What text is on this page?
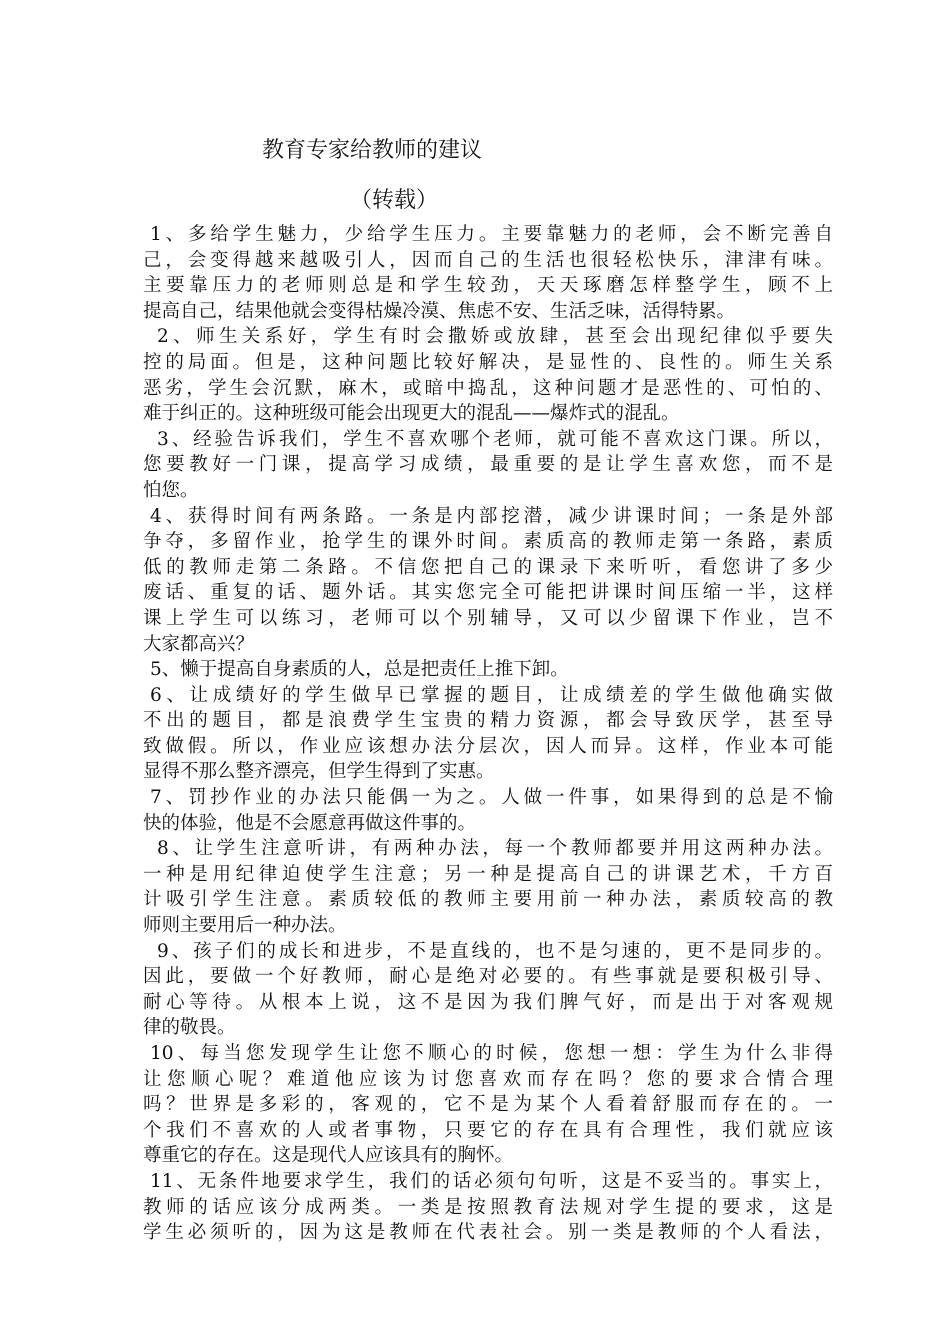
教育专家给教师的建议
（转载）
1、多给学生魅力，少给学生压力。主要靠魅力的老师，会不断完善自
己，会变得越来越吸引人，因而自己的生活也很轻松快乐，津津有味。
主要靠压力的老师则总是和学生较劲，天天琢磨怎样整学生，顾不上
提高自己，结果他就会变得枯燥冷漠、焦虑不安、生活乏味，活得特累。
2、师生关系好，学生有时会撒娇或放肆，甚至会出现纪律似乎要失
控的局面。但是，这种问题比较好解决，是显性的、良性的。师生关系
恶劣，学生会沉默，麻木，或暗中捣乱，这种问题才是恶性的、可怕的、
难于纠正的。这种班级可能会出现更大的混乱——爆炸式的混乱。
3、经验告诉我们，学生不喜欢哪个老师，就可能不喜欢这门课。所以，
您要教好一门课，提高学习成绩，最重要的是让学生喜欢您，而不是
怕您。
4、获得时间有两条路。一条是内部挖潜，减少讲课时间；一条是外部
争夺，多留作业，抢学生的课外时间。素质高的教师走第一条路，素质
低的教师走第二条路。不信您把自己的课录下来听听，看您讲了多少
废话、重复的话、题外话。其实您完全可能把讲课时间压缩一半，这样
课上学生可以练习，老师可以个别辅导，又可以少留课下作业，岂不
大家都高兴？
5、懒于提高自身素质的人，总是把责任上推下卸。
6、让成绩好的学生做早已掌握的题目，让成绩差的学生做他确实做
不出的题目，都是浪费学生宝贵的精力资源，都会导致厌学，甚至导
致做假。所以，作业应该想办法分层次，因人而异。这样，作业本可能
显得不那么整齐漂亮，但学生得到了实惠。
7、罚抄作业的办法只能偶一为之。人做一件事，如果得到的总是不愉
快的体验，他是不会愿意再做这件事的。
8、让学生注意听讲，有两种办法，每一个教师都要并用这两种办法。
一种是用纪律迫使学生注意；另一种是提高自己的讲课艺术，千方百
计吸引学生注意。素质较低的教师主要用前一种办法，素质较高的教
师则主要用后一种办法。
9、孩子们的成长和进步，不是直线的，也不是匀速的，更不是同步的。
因此，要做一个好教师，耐心是绝对必要的。有些事就是要积极引导、
耐心等待。从根本上说，这不是因为我们脾气好，而是出于对客观规
律的敬畏。
10、每当您发现学生让您不顺心的时候，您想一想：学生为什么非得
让您顺心呢？难道他应该为讨您喜欢而存在吗？您的要求合情合理
吗？世界是多彩的，客观的，它不是为某个人看着舒服而存在的。一
个我们不喜欢的人或者事物，只要它的存在具有合理性，我们就应该
尊重它的存在。这是现代人应该具有的胸怀。
11、无条件地要求学生，我们的话必须句句听，这是不妥当的。事实上，
教师的话应该分成两类。一类是按照教育法规对学生提的要求，这是
学生必须听的，因为这是教师在代表社会。别一类是教师的个人看法，
